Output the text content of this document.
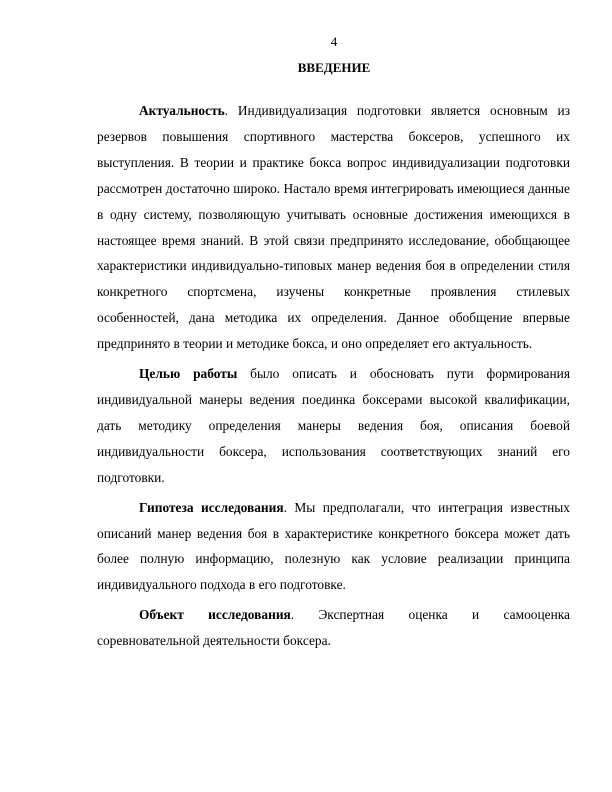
4
ВВЕДЕНИЕ

Актуальность. Индивидуализация подготовки является основным из резервов повышения спортивного мастерства боксеров, успешного их выступления. В теории и практике бокса вопрос индивидуализации подготовки рассмотрен достаточно широко. Настало время интегрировать имеющиеся данные в одну систему, позволяющую учитывать основные достижения имеющихся в настоящее время знаний. В этой связи предпринято исследование, обобщающее характеристики индивидуально-типовых манер ведения боя в определении стиля конкретного спортсмена, изучены конкретные проявления стилевых особенностей, дана методика их определения. Данное обобщение впервые предпринято в теории и методике бокса, и оно определяет его актуальность.

Целью работы было описать и обосновать пути формирования индивидуальной манеры ведения поединка боксерами высокой квалификации, дать методику определения манеры ведения боя, описания боевой индивидуальности боксера, использования соответствующих знаний его подготовки.

Гипотеза исследования. Мы предполагали, что интеграция известных описаний манер ведения боя в характеристике конкретного боксера может дать более полную информацию, полезную как условие реализации принципа индивидуального подхода в его подготовке.

Объект исследования. Экспертная оценка и самооценка соревновательной деятельности боксера.
